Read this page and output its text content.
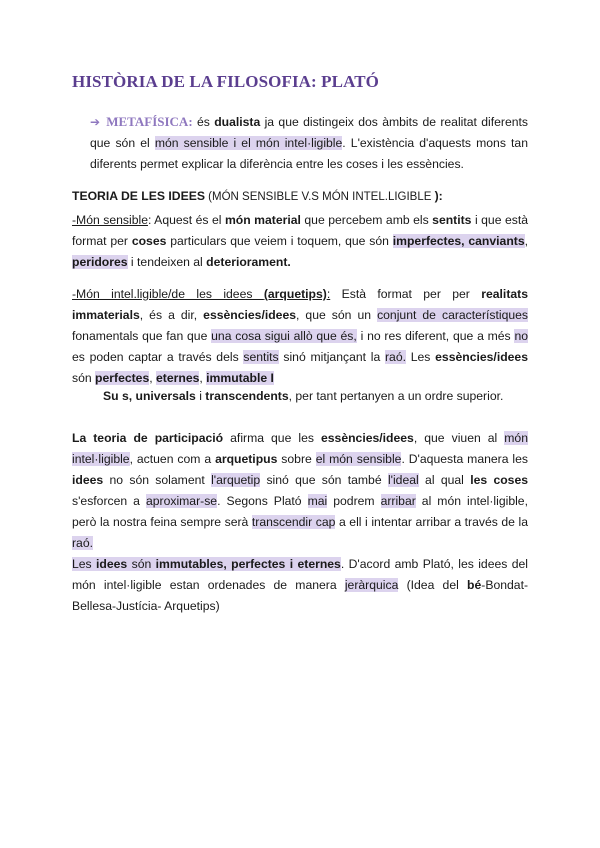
HISTÒRIA DE LA FILOSOFIA: PLATÓ
➔ METAFÍSICA: és dualista ja que distingeix dos àmbits de realitat diferents que són el món sensible i el món intel·ligible. L'existència d'aquests mons tan diferents permet explicar la diferència entre les coses i les essències.
TEORIA DE LES IDEES (MÓN SENSIBLE V.S MÓN INTEL.LIGIBLE ):
-Món sensible: Aquest és el món material que percebem amb els sentits i que està format per coses particulars que veiem i toquem, que són imperfectes, canviants, peridores i tendeixen al deteriorament.
-Món intel.ligible/de les idees (arquetips): Està format per per realitats immaterials, és a dir, essències/idees, que són un conjunt de característiques fonamentals que fan que una cosa sigui allò que és, i no res diferent, que a més no es poden captar a través dels sentits sinó mitjançant la raó. Les essències/idees són perfectes, eternes, immutable I
Su s, universals i transcendents, per tant pertanyen a un ordre superior.
La teoria de participació afirma que les essències/idees, que viuen al món intel·ligible, actuen com a arquetipus sobre el món sensible. D'aquesta manera les idees no són solament l'arquetip sinó que són també l'ideal al qual les coses s'esforcen a aproximar-se. Segons Plató mai podrem arribar al món intel·ligible, però la nostra feina sempre serà transcendir cap a ell i intentar arribar a través de la raó.
Les idees són immutables, perfectes i eternes. D'acord amb Plató, les idees del món intel·ligible estan ordenades de manera jeràrquica (Idea del bé-Bondat-Bellesa-Justícia- Arquetips)
